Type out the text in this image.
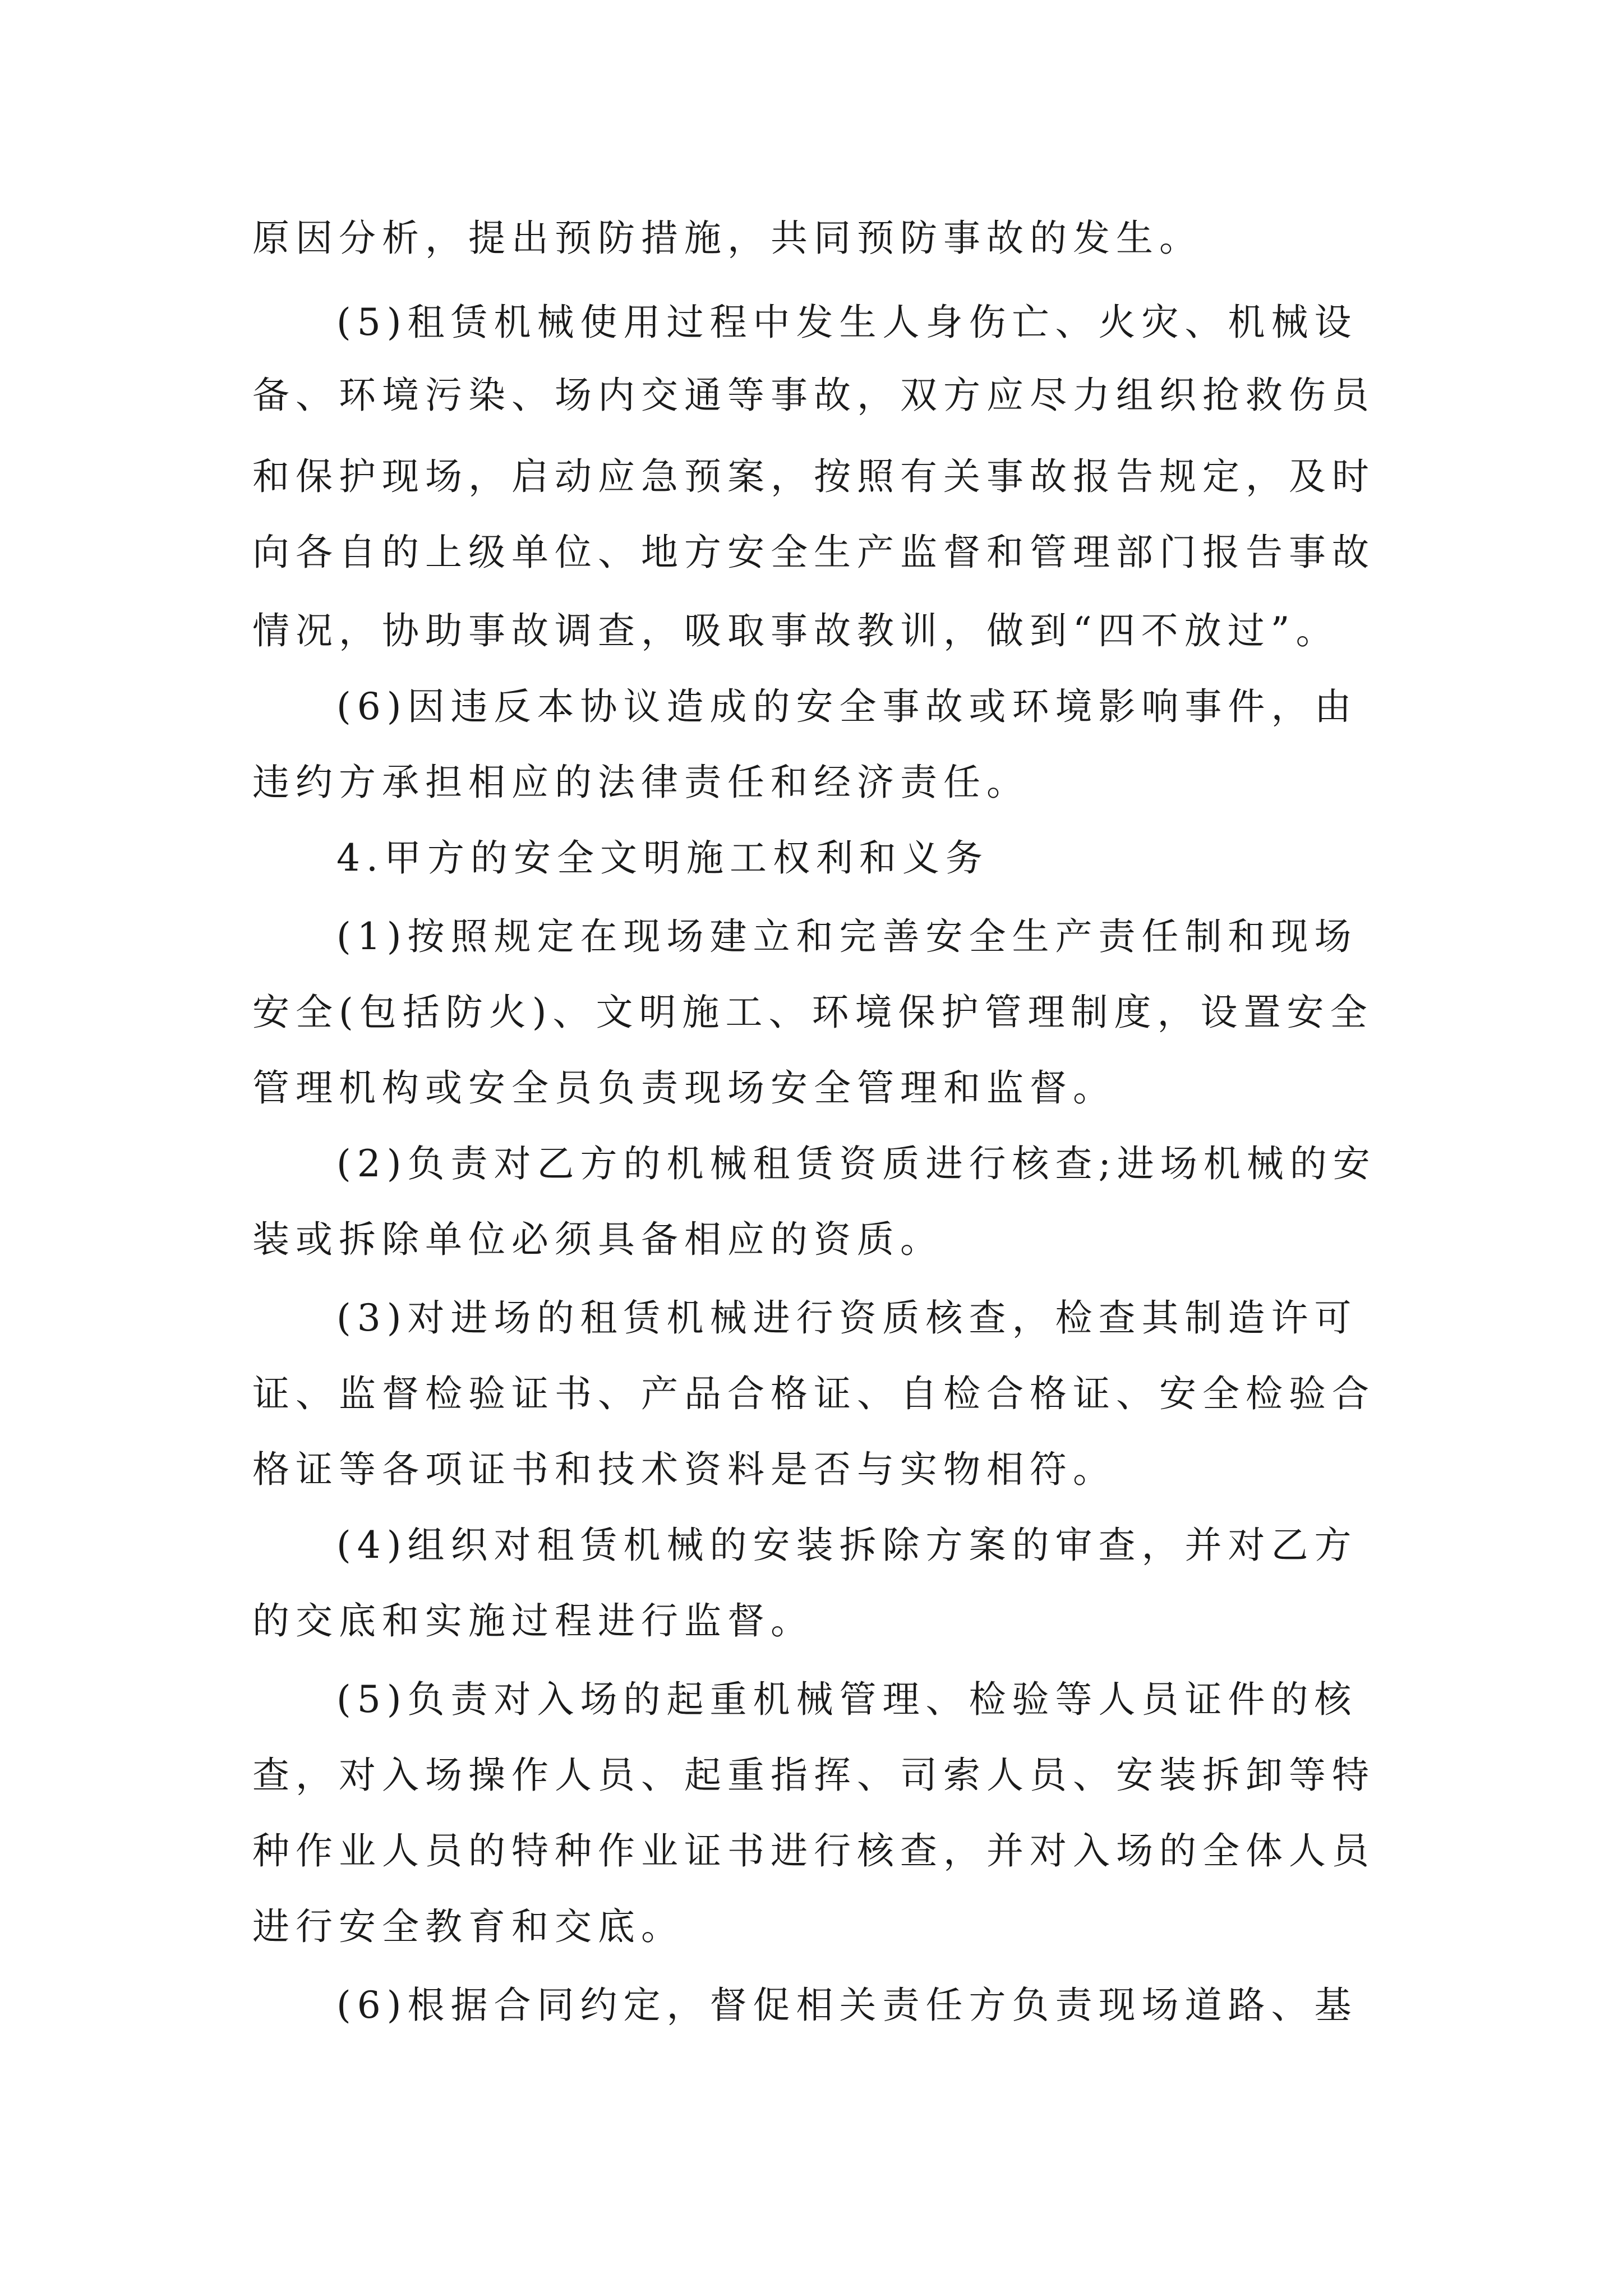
原因分析，提出预防措施，共同预防事故的发生。
(5)租赁机械使用过程中发生人身伤亡、火灾、机械设
备、环境污染、场内交通等事故，双方应尽力组织抢救伤员
和保护现场，启动应急预案，按照有关事故报告规定，及时
向各自的上级单位、地方安全生产监督和管理部门报告事故
情况，协助事故调查，吸取事故教训，做到“四不放过”。
(6)因违反本协议造成的安全事故或环境影响事件，由
违约方承担相应的法律责任和经济责任。
4.甲方的安全文明施工权利和义务
(1)按照规定在现场建立和完善安全生产责任制和现场
安全(包括防火)、文明施工、环境保护管理制度，设置安全
管理机构或安全员负责现场安全管理和监督。
(2)负责对乙方的机械租赁资质进行核查;进场机械的安
装或拆除单位必须具备相应的资质。
(3)对进场的租赁机械进行资质核查，检查其制造许可
证、监督检验证书、产品合格证、自检合格证、安全检验合
格证等各项证书和技术资料是否与实物相符。
(4)组织对租赁机械的安装拆除方案的审查，并对乙方
的交底和实施过程进行监督。
(5)负责对入场的起重机械管理、检验等人员证件的核
查，对入场操作人员、起重指挥、司索人员、安装拆卸等特
种作业人员的特种作业证书进行核查，并对入场的全体人员
进行安全教育和交底。
(6)根据合同约定，督促相关责任方负责现场道路、基
